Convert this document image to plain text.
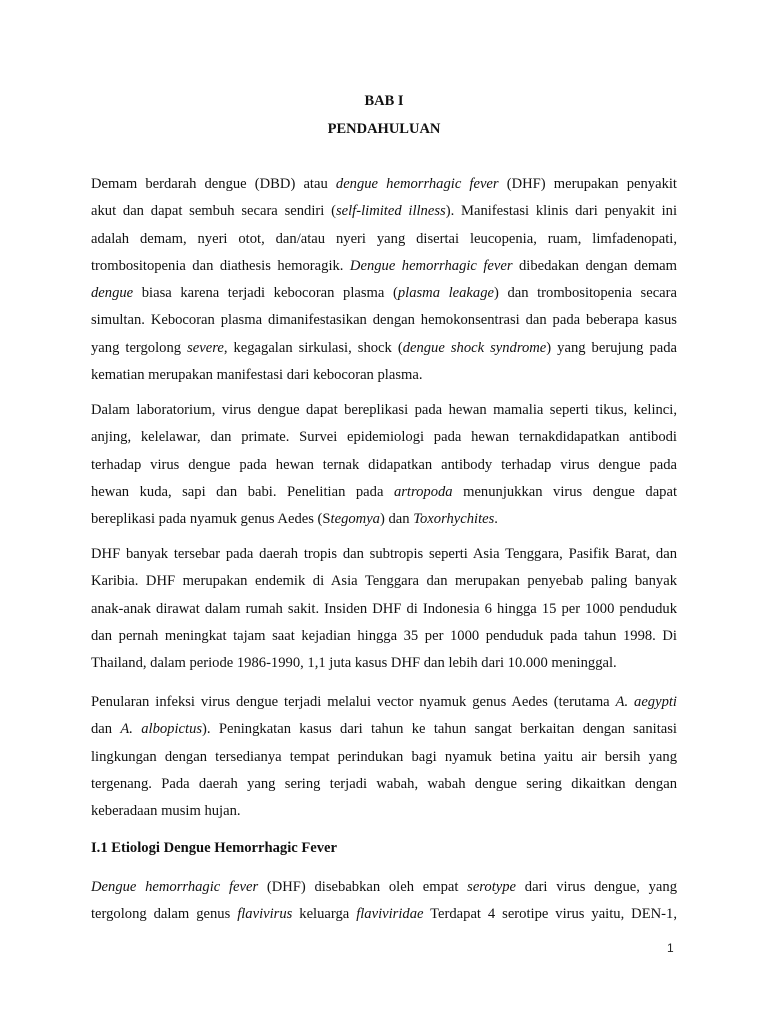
BAB I
PENDAHULUAN
Demam berdarah dengue (DBD) atau dengue hemorrhagic fever (DHF) merupakan penyakit
akut dan dapat sembuh secara sendiri (self-limited illness). Manifestasi klinis dari penyakit ini
adalah demam, nyeri otot, dan/atau nyeri yang disertai leucopenia, ruam, limfadenopati,
trombositopenia dan diathesis hemoragik. Dengue hemorrhagic fever dibedakan dengan demam
dengue biasa karena terjadi kebocoran plasma (plasma leakage) dan trombositopenia secara
simultan. Kebocoran plasma dimanifestasikan dengan hemokonsentrasi dan pada beberapa kasus
yang tergolong severe, kegagalan sirkulasi, shock (dengue shock syndrome) yang berujung pada
kematian merupakan manifestasi dari kebocoran plasma.
Dalam laboratorium, virus dengue dapat bereplikasi pada hewan mamalia seperti tikus, kelinci,
anjing, kelelawar, dan primate. Survei epidemiologi pada hewan ternakdidapatkan antibodi
terhadap virus dengue pada hewan ternak didapatkan antibody terhadap virus dengue pada
hewan kuda, sapi dan babi. Penelitian pada artropoda menunjukkan virus dengue dapat
bereplikasi pada nyamuk genus Aedes (Stegomya) dan Toxorhychites.
DHF banyak tersebar pada daerah tropis dan subtropis seperti Asia Tenggara, Pasifik Barat, dan
Karibia. DHF merupakan endemik di Asia Tenggara dan merupakan penyebab paling banyak
anak-anak dirawat dalam rumah sakit. Insiden DHF di Indonesia 6 hingga 15 per 1000 penduduk
dan pernah meningkat tajam saat kejadian hingga 35 per 1000 penduduk pada tahun 1998. Di
Thailand, dalam periode 1986-1990, 1,1 juta kasus DHF dan lebih dari 10.000 meninggal.
Penularan infeksi virus dengue terjadi melalui vector nyamuk genus Aedes (terutama A. aegypti
dan A. albopictus). Peningkatan kasus dari tahun ke tahun sangat berkaitan dengan sanitasi
lingkungan dengan tersedianya tempat perindukan bagi nyamuk betina yaitu air bersih yang
tergenang. Pada daerah yang sering terjadi wabah, wabah dengue sering dikaitkan dengan
keberadaan musim hujan.
I.1 Etiologi Dengue Hemorrhagic Fever
Dengue hemorrhagic fever (DHF) disebabkan oleh empat serotype dari virus dengue, yang
tergolong dalam genus flavivirus keluarga flaviviridae Terdapat 4 serotipe virus yaitu, DEN-1,
1
